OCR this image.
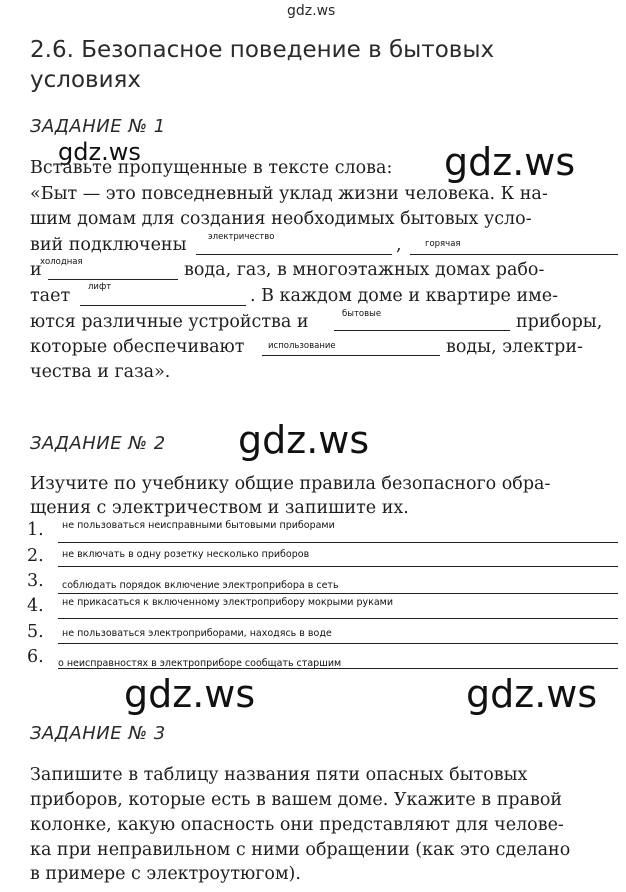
gdz.ws
gdz.ws	gdz.ws
gdz.ws
gdz.ws	gdz.ws
2.6. Безопасное поведение в бытовых
условиях
ЗАДАНИЕ № 1
Вставьте пропущенные в тексте слова:
«Быт — это повседневный уклад жизни человека. К на-
шим домам для создания необходимых бытовых усло-
вий подключены	электричество	,	горячая
и
холодная	вода, газ, в многоэтажных домах рабо-
тает лифт	. В каждом доме и квартире име-
ются различные устройства и	бытовые	приборы,
которые обеспечивают	использование	воды, электри-
чества и газа».
ЗАДАНИЕ № 2
Изучите по учебнику общие правила безопасного обра-
щения с электричеством и запишите их.
1. не пользоваться неисправными бытовыми приборами
2. не включать в одну розетку несколько приборов
3. соблюдать порядок включение электроприбора в сеть
4. не прикасаться к включенному электроприбору мокрыми руками
5. не пользоваться электроприборами, находясь в воде
6. о неисправностях в электроприборе сообщать старшим
ЗАДАНИЕ № 3
Запишите в таблицу названия пяти опасных бытовых
приборов, которые есть в вашем доме. Укажите в правой
колонке, какую опасность они представляют для челове-
ка при неправильном с ними обращении (как это сделано
в примере с электроутюгом).
